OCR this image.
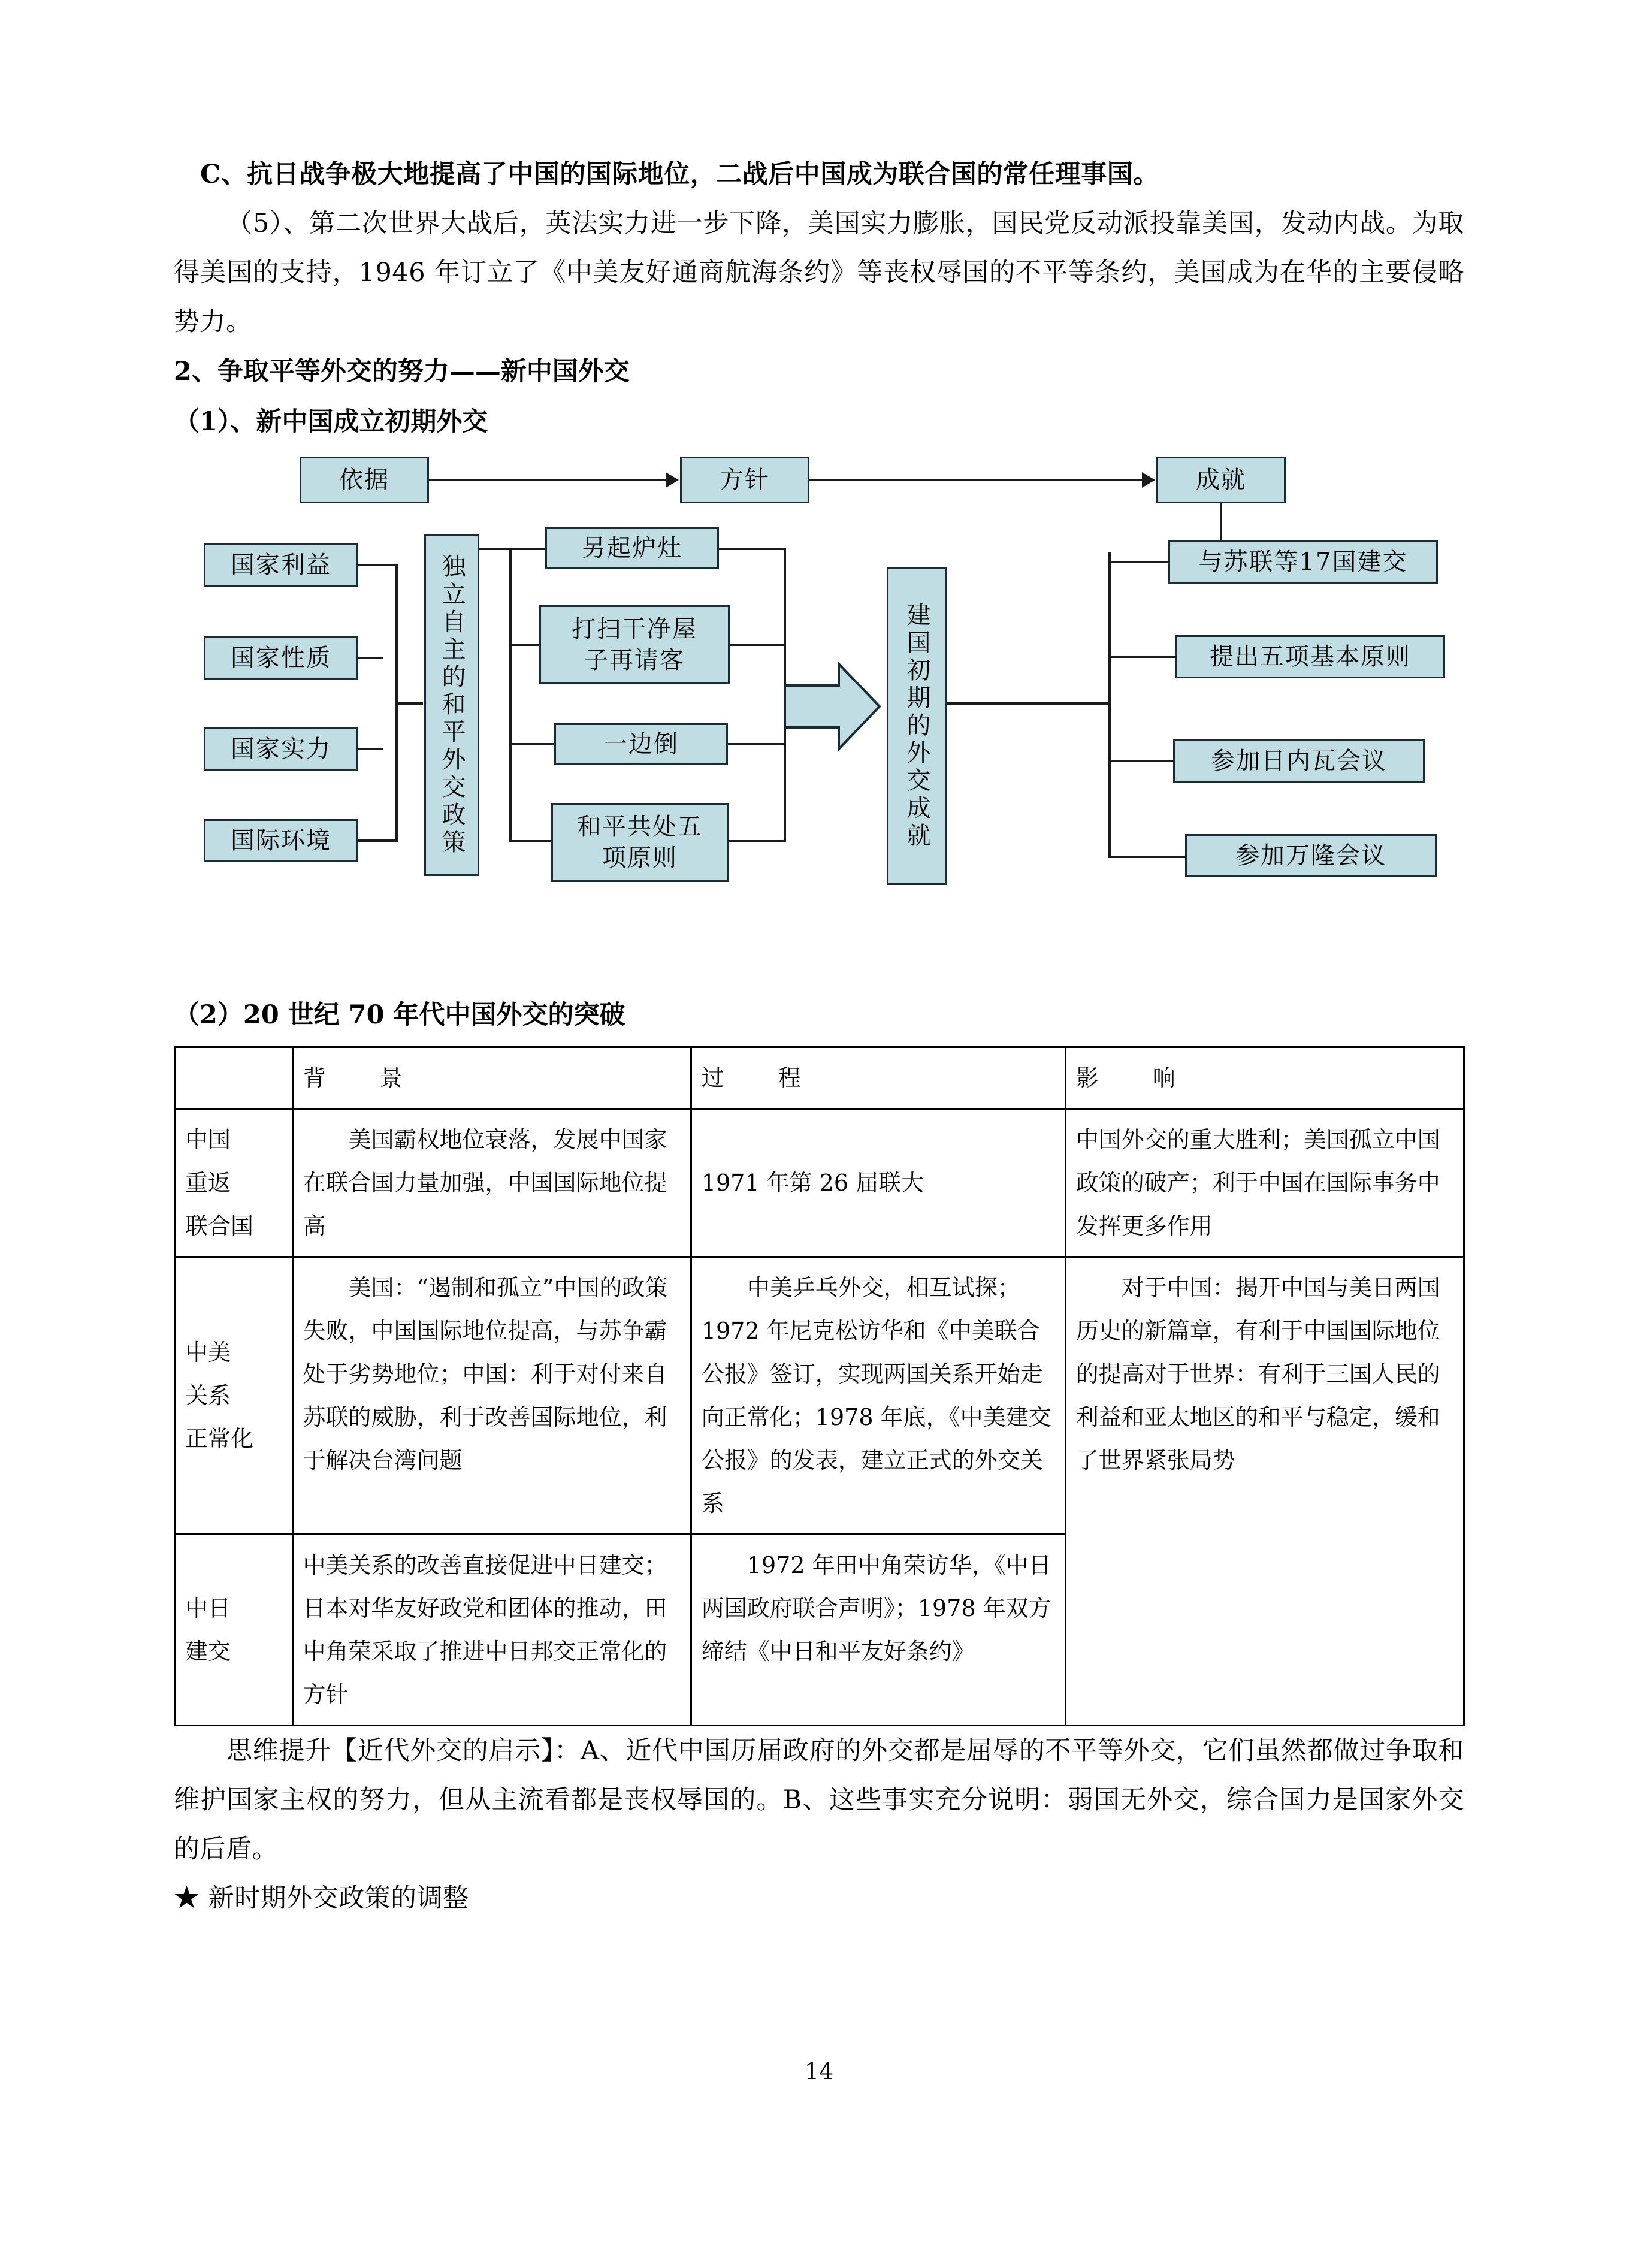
C、抗日战争极大地提高了中国的国际地位，二战后中国成为联合国的常任理事国。

（5）、第二次世界大战后，英法实力进一步下降，美国实力膨胀，国民党反动派投靠美国，发动内战。为取得美国的支持，1946 年订立了《中美友好通商航海条约》等丧权辱国的不平等条约，美国成为在华的主要侵略势力。

2、争取平等外交的努力——新中国外交

（1）、新中国成立初期外交

依据	方针	成就
国家利益
国家性质
国家实力
国际环境	独立自主的和平外交政策
另起炉灶
打扫干净屋子再请客
一边倒
和平共处五项原则
建国初期的外交成就
与苏联等17国建交
提出五项基本原则
参加日内瓦会议
参加万隆会议

（2）20 世纪 70 年代中国外交的突破

	背　景	过　程	影　响
中国
重返
联合国	美国霸权地位衰落，发展中国家在联合国力量加强，中国国际地位提高	1971 年第 26 届联大	中国外交的重大胜利；美国孤立中国政策的破产；利于中国在国际事务中发挥更多作用
中美
关系
正常化	美国：“遏制和孤立”中国的政策失败，中国国际地位提高，与苏争霸处于劣势地位；中国：利于对付来自苏联的威胁，利于改善国际地位，利于解决台湾问题	中美乒乓外交，相互试探；1972 年尼克松访华和《中美联合公报》签订，实现两国关系开始走向正常化；1978 年底，《中美建交公报》的发表，建立正式的外交关系	对于中国：揭开中国与美日两国历史的新篇章，有利于中国国际地位的提高对于世界：有利于三国人民的利益和亚太地区的和平与稳定，缓和了世界紧张局势
中日
建交	中美关系的改善直接促进中日建交；日本对华友好政党和团体的推动，田中角荣采取了推进中日邦交正常化的方针	1972 年田中角荣访华，《中日两国政府联合声明》；1978 年双方缔结《中日和平友好条约》	

思维提升【近代外交的启示】：A、近代中国历届政府的外交都是屈辱的不平等外交，它们虽然都做过争取和维护国家主权的努力，但从主流看都是丧权辱国的。B、这些事实充分说明：弱国无外交，综合国力是国家外交的后盾。

★ 新时期外交政策的调整

14
